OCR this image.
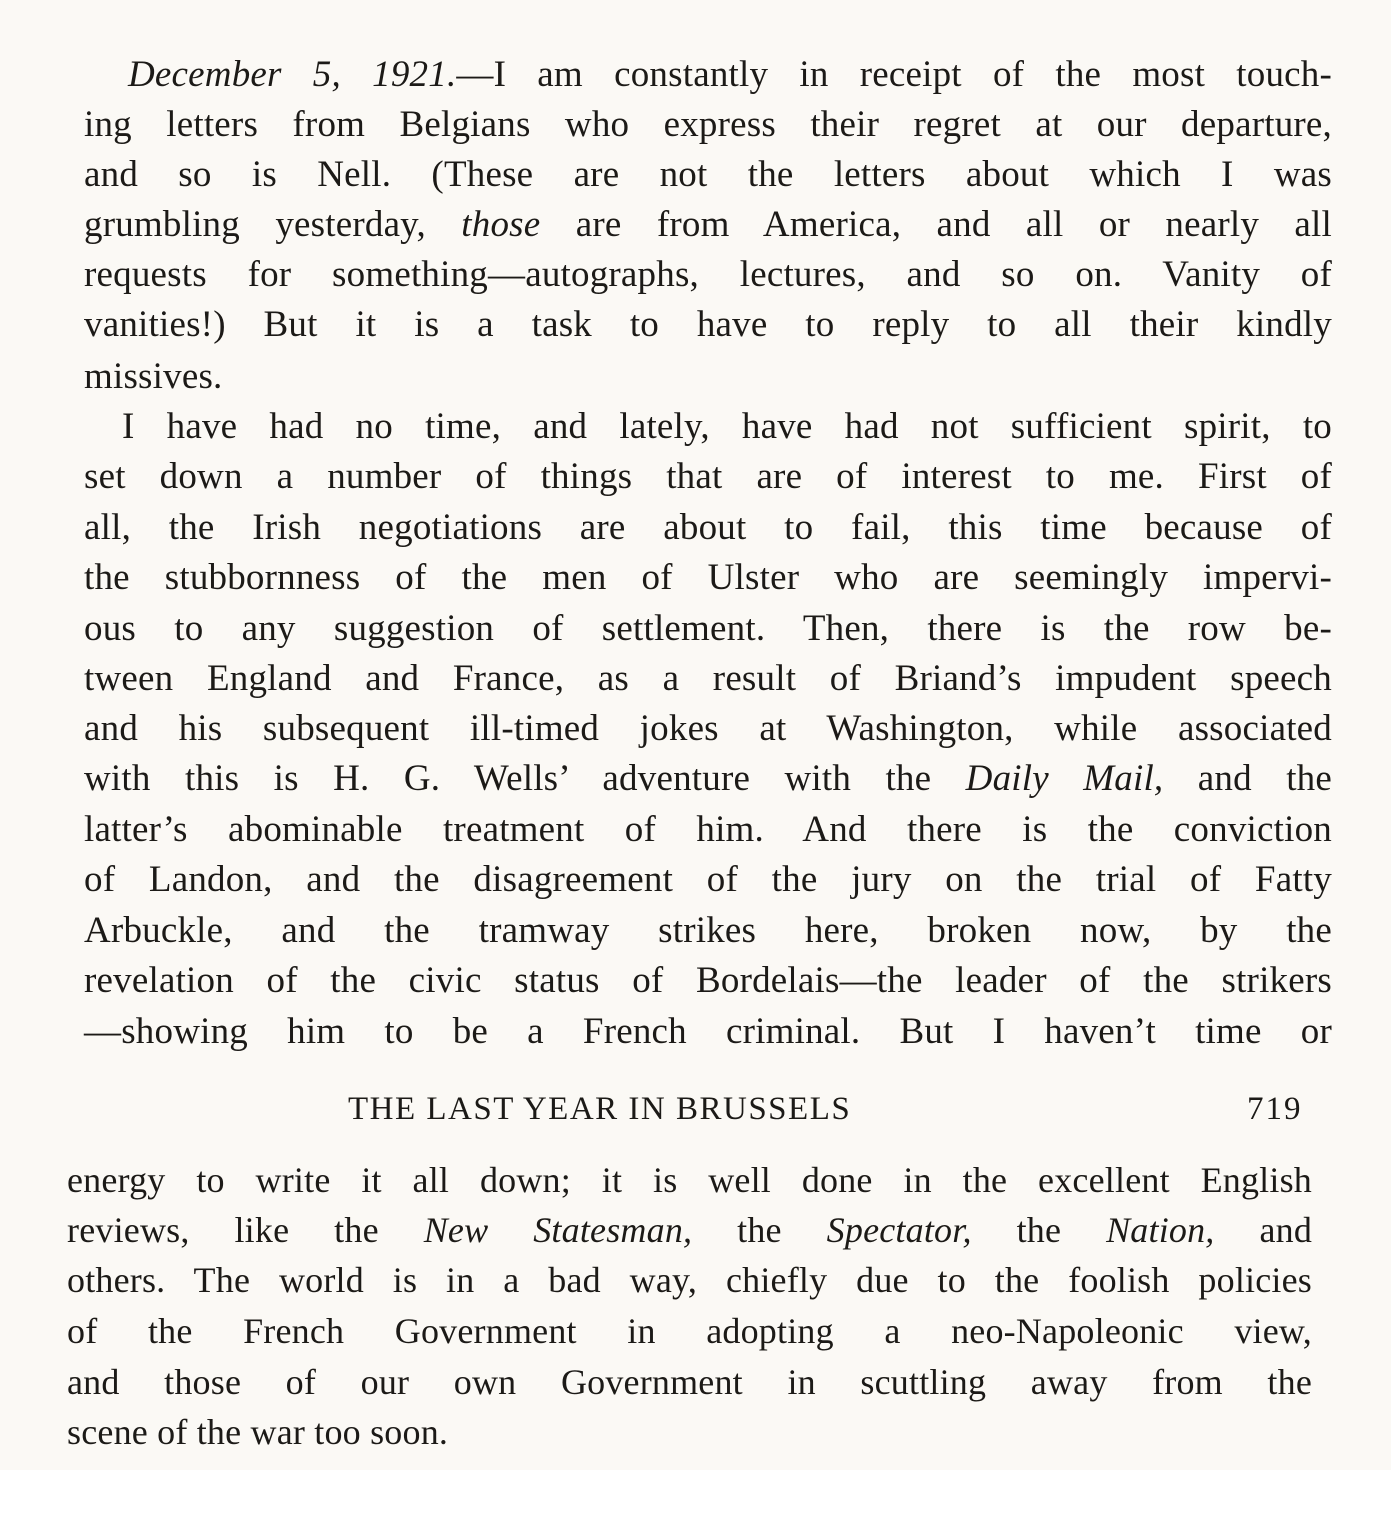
December 5, 1921.—I am constantly in receipt of the most touch-

ing letters from Belgians who express their regret at our departure,

and so is Nell. (These are not the letters about which I was

grumbling yesterday, those are from America, and all or nearly all

requests for something—autographs, lectures, and so on. Vanity of

vanities!) But it is a task to have to reply to all their kindly

missives.

I have had no time, and lately, have had not sufficient spirit, to

set down a number of things that are of interest to me. First of

all, the Irish negotiations are about to fail, this time because of

the stubbornness of the men of Ulster who are seemingly impervi-

ous to any suggestion of settlement. Then, there is the row be-

tween England and France, as a result of Briand’s impudent speech

and his subsequent ill-timed jokes at Washington, while associated

with this is H. G. Wells’ adventure with the Daily Mail, and the

latter’s abominable treatment of him. And there is the conviction

of Landon, and the disagreement of the jury on the trial of Fatty

Arbuckle, and the tramway strikes here, broken now, by the

revelation of the civic status of Bordelais—the leader of the strikers

—showing him to be a French criminal. But I haven’t time or

THE LAST YEAR IN BRUSSELS	719

energy to write it all down; it is well done in the excellent English

reviews, like the New Statesman, the Spectator, the Nation, and

others. The world is in a bad way, chiefly due to the foolish policies

of the French Government in adopting a neo-Napoleonic view,

and those of our own Government in scuttling away from the

scene of the war too soon.
